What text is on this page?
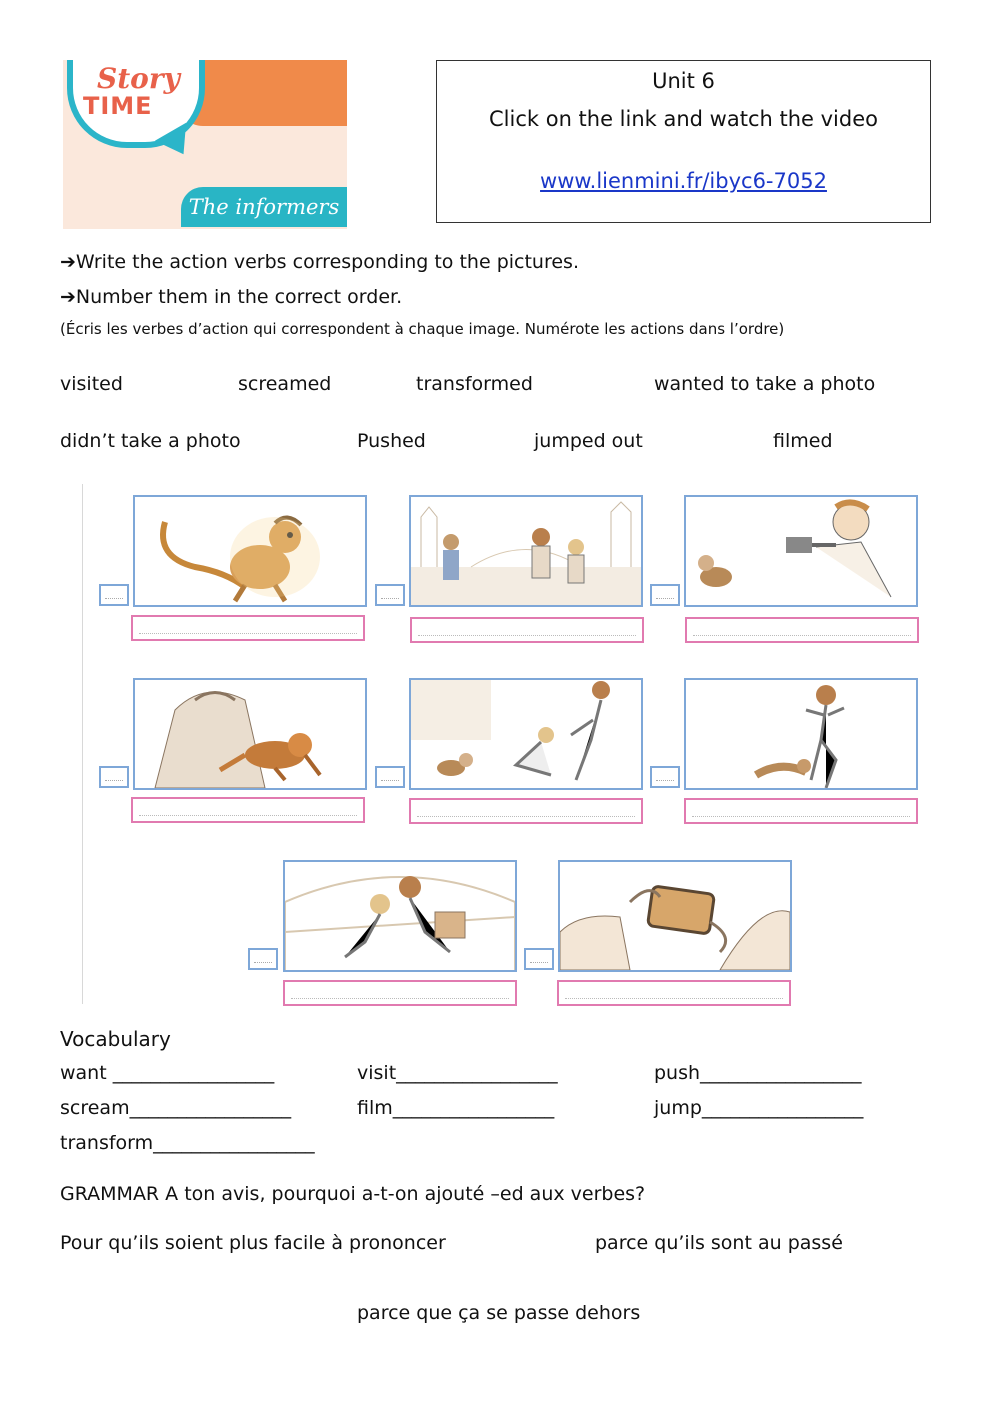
Story
TIME
The informers
Unit 6
Click on the link and watch the video
www.lienmini.fr/ibyc6-7052
➔Write the action verbs corresponding to the pictures.
➔Number them in the correct order.
(Écris les verbes d’action qui correspondent à chaque image. Numérote les actions dans l’ordre)
visited	screamed	transformed	wanted to take a photo
didn’t take a photo	Pushed	jumped out	filmed
Vocabulary
want _________________	visit_________________	push_________________
scream_________________	film_________________	jump_________________
transform_________________
GRAMMAR A ton avis, pourquoi a-t-on ajouté –ed aux verbes?
Pour qu’ils soient plus facile à prononcer	parce qu’ils sont au passé
parce que ça se passe dehors
